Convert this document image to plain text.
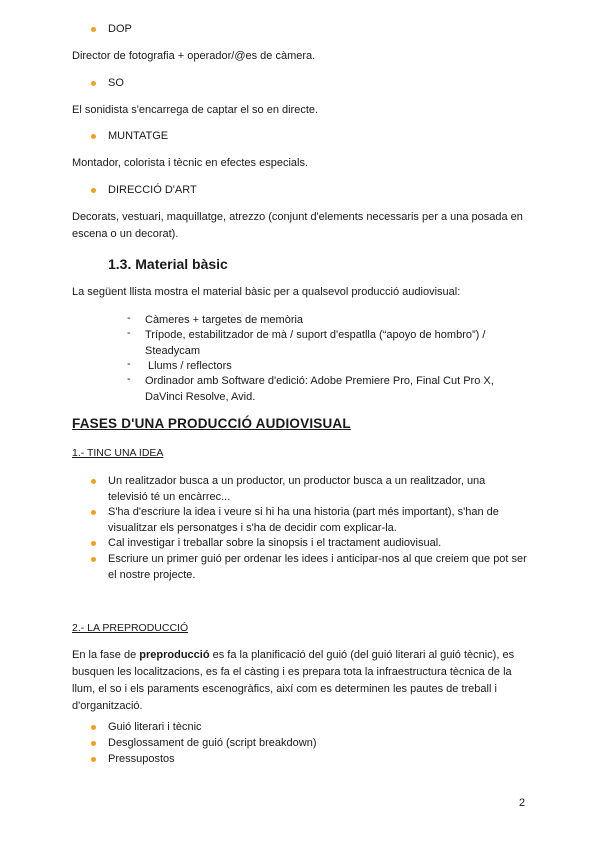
DOP
Director de fotografia + operador/@es de càmera.
SO
El sonidista s'encarrega de captar el so en directe.
MUNTATGE
Montador, colorista i tècnic en efectes especials.
DIRECCIÓ D'ART
Decorats, vestuari, maquillatge, atrezzo (conjunt d'elements necessaris per a una posada en escena o un decorat).
1.3. Material bàsic
La següent llista mostra el material bàsic per a qualsevol producció audiovisual:
- Càmeres + targetes de memòria
- Trípode, estabilitzador de mà / suport d'espatlla (“apoyo de hombro”) / Steadycam
- Llums / reflectors
- Ordinador amb Software d'edició: Adobe Premiere Pro, Final Cut Pro X, DaVinci Resolve, Avid.
FASES D'UNA PRODUCCIÓ AUDIOVISUAL
1.- TINC UNA IDEA
Un realitzador busca a un productor, un productor busca a un realitzador, una televisió té un encàrrec...
S'ha d'escriure la idea i veure si hi ha una historia (part més important), s'han de visualitzar els personatges i s'ha de decidir com explicar-la.
Cal investigar i treballar sobre la sinopsis i el tractament audiovisual.
Escriure un primer guió per ordenar les idees i anticipar-nos al que creiem que pot ser el nostre projecte.
2.- LA PREPRODUCCIÓ
En la fase de preproducció es fa la planificació del guió (del guió literari al guió tècnic), es busquen les localitzacions, es fa el càsting i es prepara tota la infraestructura tècnica de la llum, el so i els paraments escenogràfics, així com es determinen les pautes de treball i d'organització.
Guió literari i tècnic
Desglossament de guió (script breakdown)
Pressupostos
2
